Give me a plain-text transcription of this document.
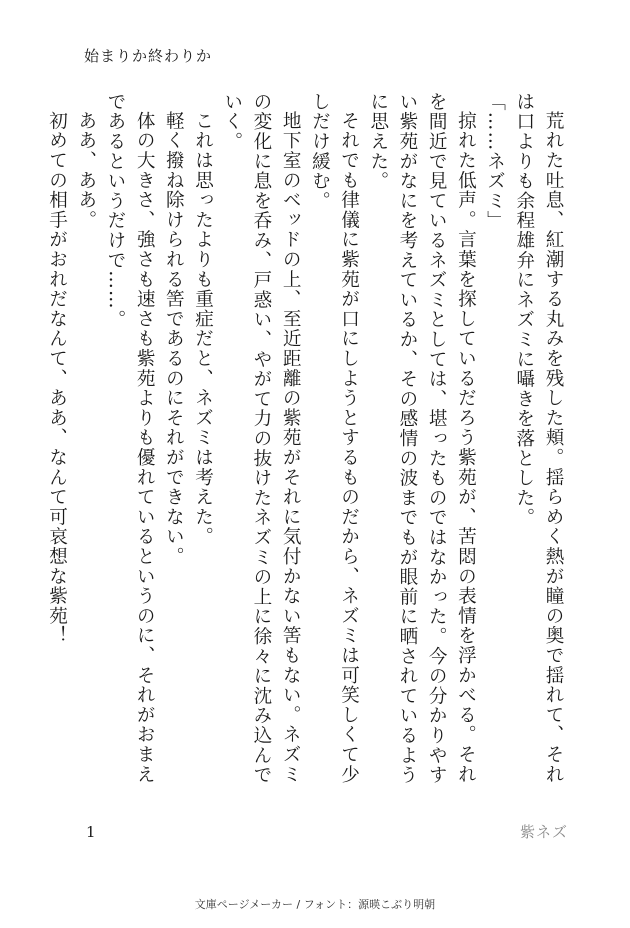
始まりか終わりか

荒れた吐息、紅潮する丸みを残した頬。揺らめく熱が瞳の奥で揺れて、それは口よりも余程雄弁にネズミに囁きを落とした。

「……ネズミ」

掠れた低声。言葉を探しているだろう紫苑が、苦悶の表情を浮かべる。それを間近で見ているネズミとしては、堪ったものではなかった。今の分かりやすい紫苑がなにを考えているか、その感情の波までもが眼前に晒されているように思えた。

それでも律儀に紫苑が口にしようとするものだから、ネズミは可笑しくて少しだけ緩む。

地下室のベッドの上、至近距離の紫苑がそれに気付かない筈もない。ネズミの変化に息を呑み、戸惑い、やがて力の抜けたネズミの上に徐々に沈み込んでいく。

これは思ったよりも重症だと、ネズミは考えた。

軽く撥ね除けられる筈であるのにそれができない。

体の大きさ、強さも速さも紫苑よりも優れているというのに、それがおまえであるというだけで……。

ああ、ああ。

初めての相手がおれだなんて、ああ、なんて可哀想な紫苑！

1	紫ネズ
文庫ページメーカー / フォント：源暎こぶり明朝
